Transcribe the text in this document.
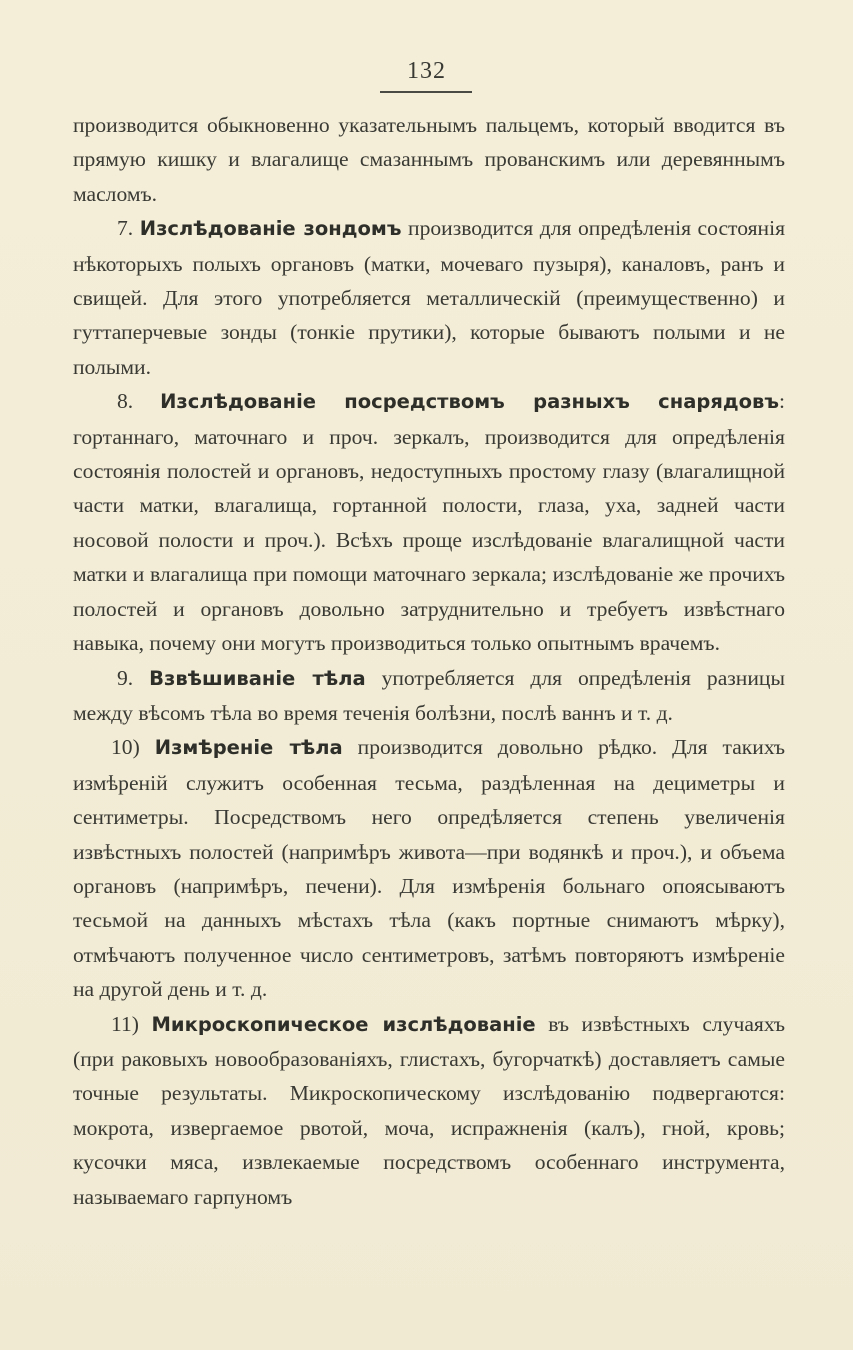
132

производится обыкновенно указательнымъ пальцемъ, который вводится въ прямую кишку и влагалище смазаннымъ прованскимъ или деревяннымъ масломъ.

7. Изслѣдованіе зондомъ производится для опредѣленія состоянія нѣкоторыхъ полыхъ органовъ (матки, мочеваго пузыря), каналовъ, ранъ и свищей. Для этого употребляется металлическій (преимущественно) и гуттаперчевые зонды (тонкіе прутики), которые бываютъ полыми и не полыми.

8. Изслѣдованіе посредствомъ разныхъ снарядовъ: гортаннаго, маточнаго и проч. зеркалъ, производится для опредѣленія состоянія полостей и органовъ, недоступныхъ простому глазу (влагалищной части матки, влагалища, гортанной полости, глаза, уха, задней части носовой полости и проч.). Всѣхъ проще изслѣдованіе влагалищной части матки и влагалища при помощи маточнаго зеркала; изслѣдованіе же прочихъ полостей и органовъ довольно затруднительно и требуетъ извѣстнаго навыка, почему они могутъ производиться только опытнымъ врачемъ.

9. Взвѣшиваніе тѣла употребляется для опредѣленія разницы между вѣсомъ тѣла во время теченія болѣзни, послѣ ваннъ и т. д.

10) Измѣреніе тѣла производится довольно рѣдко. Для такихъ измѣреній служитъ особенная тесьма, раздѣленная на дециметры и сентиметры. Посредствомъ него опредѣляется степень увеличенія извѣстныхъ полостей (напримѣръ живота—при водянкѣ и проч.), и объема органовъ (напримѣръ, печени). Для измѣренія больнаго опоясываютъ тесьмой на данныхъ мѣстахъ тѣла (какъ портные снимаютъ мѣрку), отмѣчаютъ полученное число сентиметровъ, затѣмъ повторяютъ измѣреніе на другой день и т. д.

11) Микроскопическое изслѣдованіе въ извѣстныхъ случаяхъ (при раковыхъ новообразованіяхъ, глистахъ, бугорчаткѣ) доставляетъ самые точные результаты. Микроскопическому изслѣдованію подвергаются: мокрота, извергаемое рвотой, моча, испражненія (калъ), гной, кровь; кусочки мяса, извлекаемые посредствомъ особеннаго инструмента, называемаго гарпуномъ
